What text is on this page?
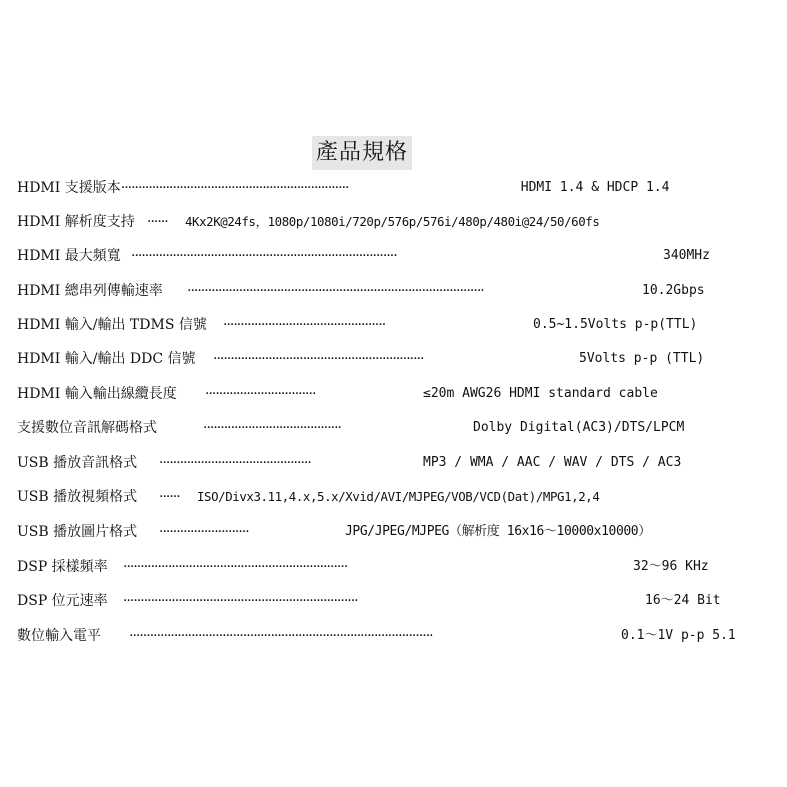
產品規格
HDMI 支援版本··································································	HDMI 1.4 & HDCP 1.4
HDMI 解析度支持 ······ 4Kx2K@24fs，1080p/1080i/720p/576p/576i/480p/480i@24/50/60fs
HDMI 最大頻寬 ·············································································	340MHz
HDMI 總串列傳輸速率 ······················································································	10.2Gbps
HDMI 輸入/輸出 TDMS 信號 ···············································	0.5~1.5Volts p-p(TTL)
HDMI 輸入/輸出 DDC 信號 ·····························································	5Volts p-p (TTL)
HDMI 輸入輸出線纜長度 ································	≤20m AWG26 HDMI standard cable
支援數位音訊解碼格式	········································	Dolby Digital(AC3)/DTS/LPCM
USB 播放音訊格式 ············································	MP3 / WMA / AAC / WAV / DTS / AC3
USB 播放視頻格式 ······ ISO/Divx3.11,4.x,5.x/Xvid/AVI/MJPEG/VOB/VCD(Dat)/MPG1,2,4
USB 播放圖片格式 ··························	JPG/JPEG/MJPEG（解析度 16x16～10000x10000）
DSP 採樣頻率 ·································································	32～96 KHz
DSP 位元速率 ····································································	16～24 Bit
數位輸入電平 ························································································	0.1～1V p-p 5.1
